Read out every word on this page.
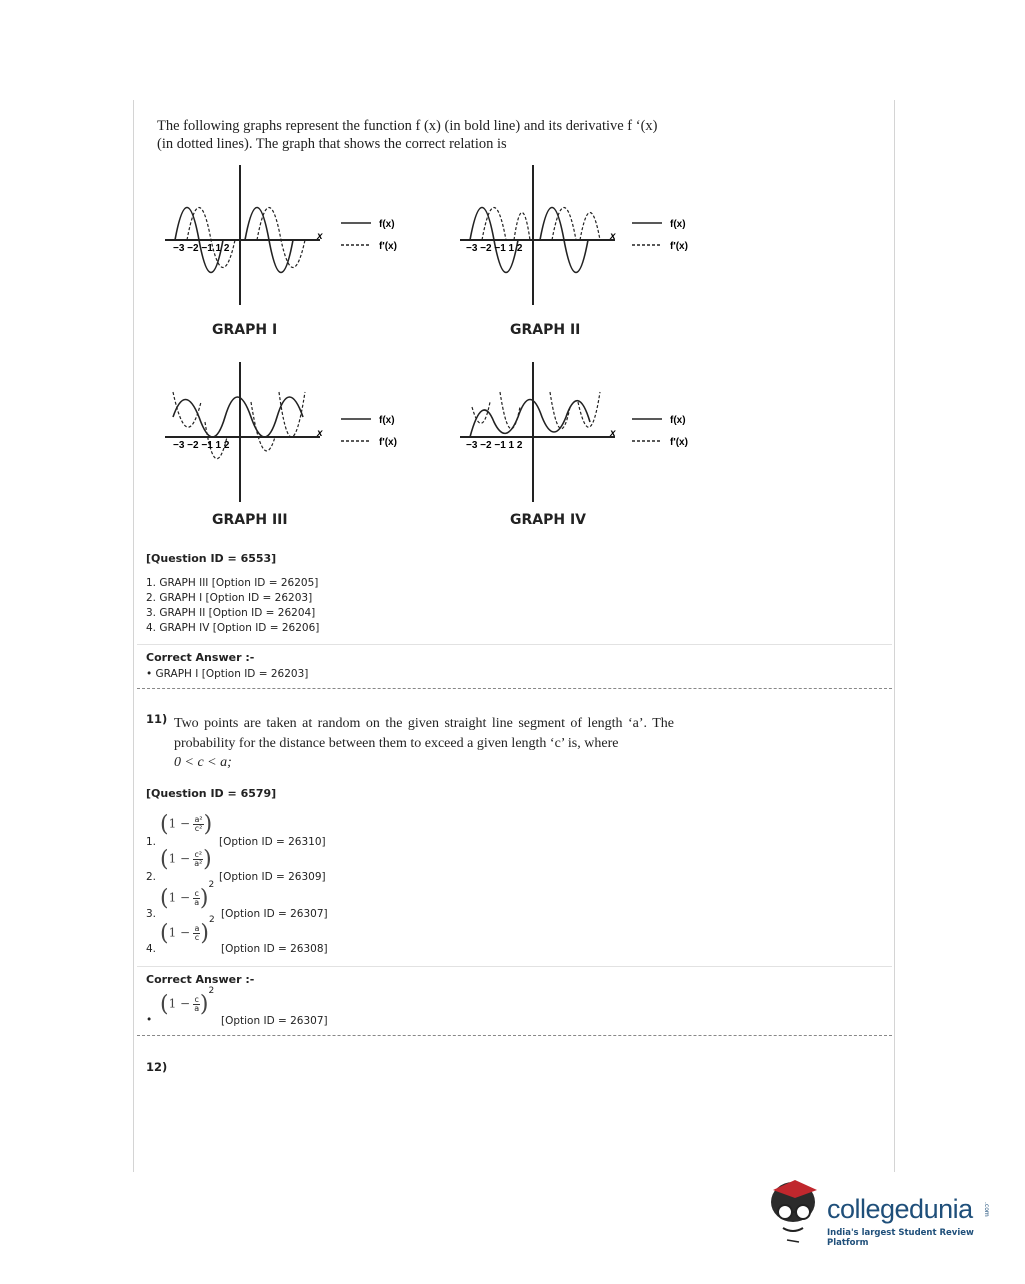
The following graphs represent the function f (x) (in bold line) and its derivative f ‘(x)
(in dotted lines). The graph that shows the correct relation is
x
−3 −2 −1 1 2
f(x)
f'(x)
GRAPH I
x
−3 −2 −1 1 2
f(x)
f'(x)
GRAPH II
x
−3 −2 −1 1 2
f(x)
f'(x)
GRAPH III
x
−3 −2 −1 1 2
f(x)
f'(x)
GRAPH IV
[Question ID = 6553]
1. GRAPH III [Option ID = 26205]
2. GRAPH I [Option ID = 26203]
3. GRAPH II [Option ID = 26204]
4. GRAPH IV [Option ID = 26206]
Correct Answer :-
• GRAPH I [Option ID = 26203]
11) Two points are taken at random on the given straight line segment of length ‘a’. The probability for the distance between them to exceed a given length ‘c’ is, where
0 < c < a;
[Question ID = 6579]
1.
($1 - \frac{\text{a²}}{\text{c²}}$ )
[Option ID = 26310]
2.
($1 - \frac{\text{c²}}{\text{a²}}$ )
[Option ID = 26309]
3.
$(1 - \frac{c}{a} )2$
[Option ID = 26307]
4.
$(1 - \frac{a}{c} )2$
[Option ID = 26308]
Correct Answer :-
•
$(1 - \frac{c}{a} )2$
[Option ID = 26307]
12)
collegedunia .com
India's largest Student Review Platform
